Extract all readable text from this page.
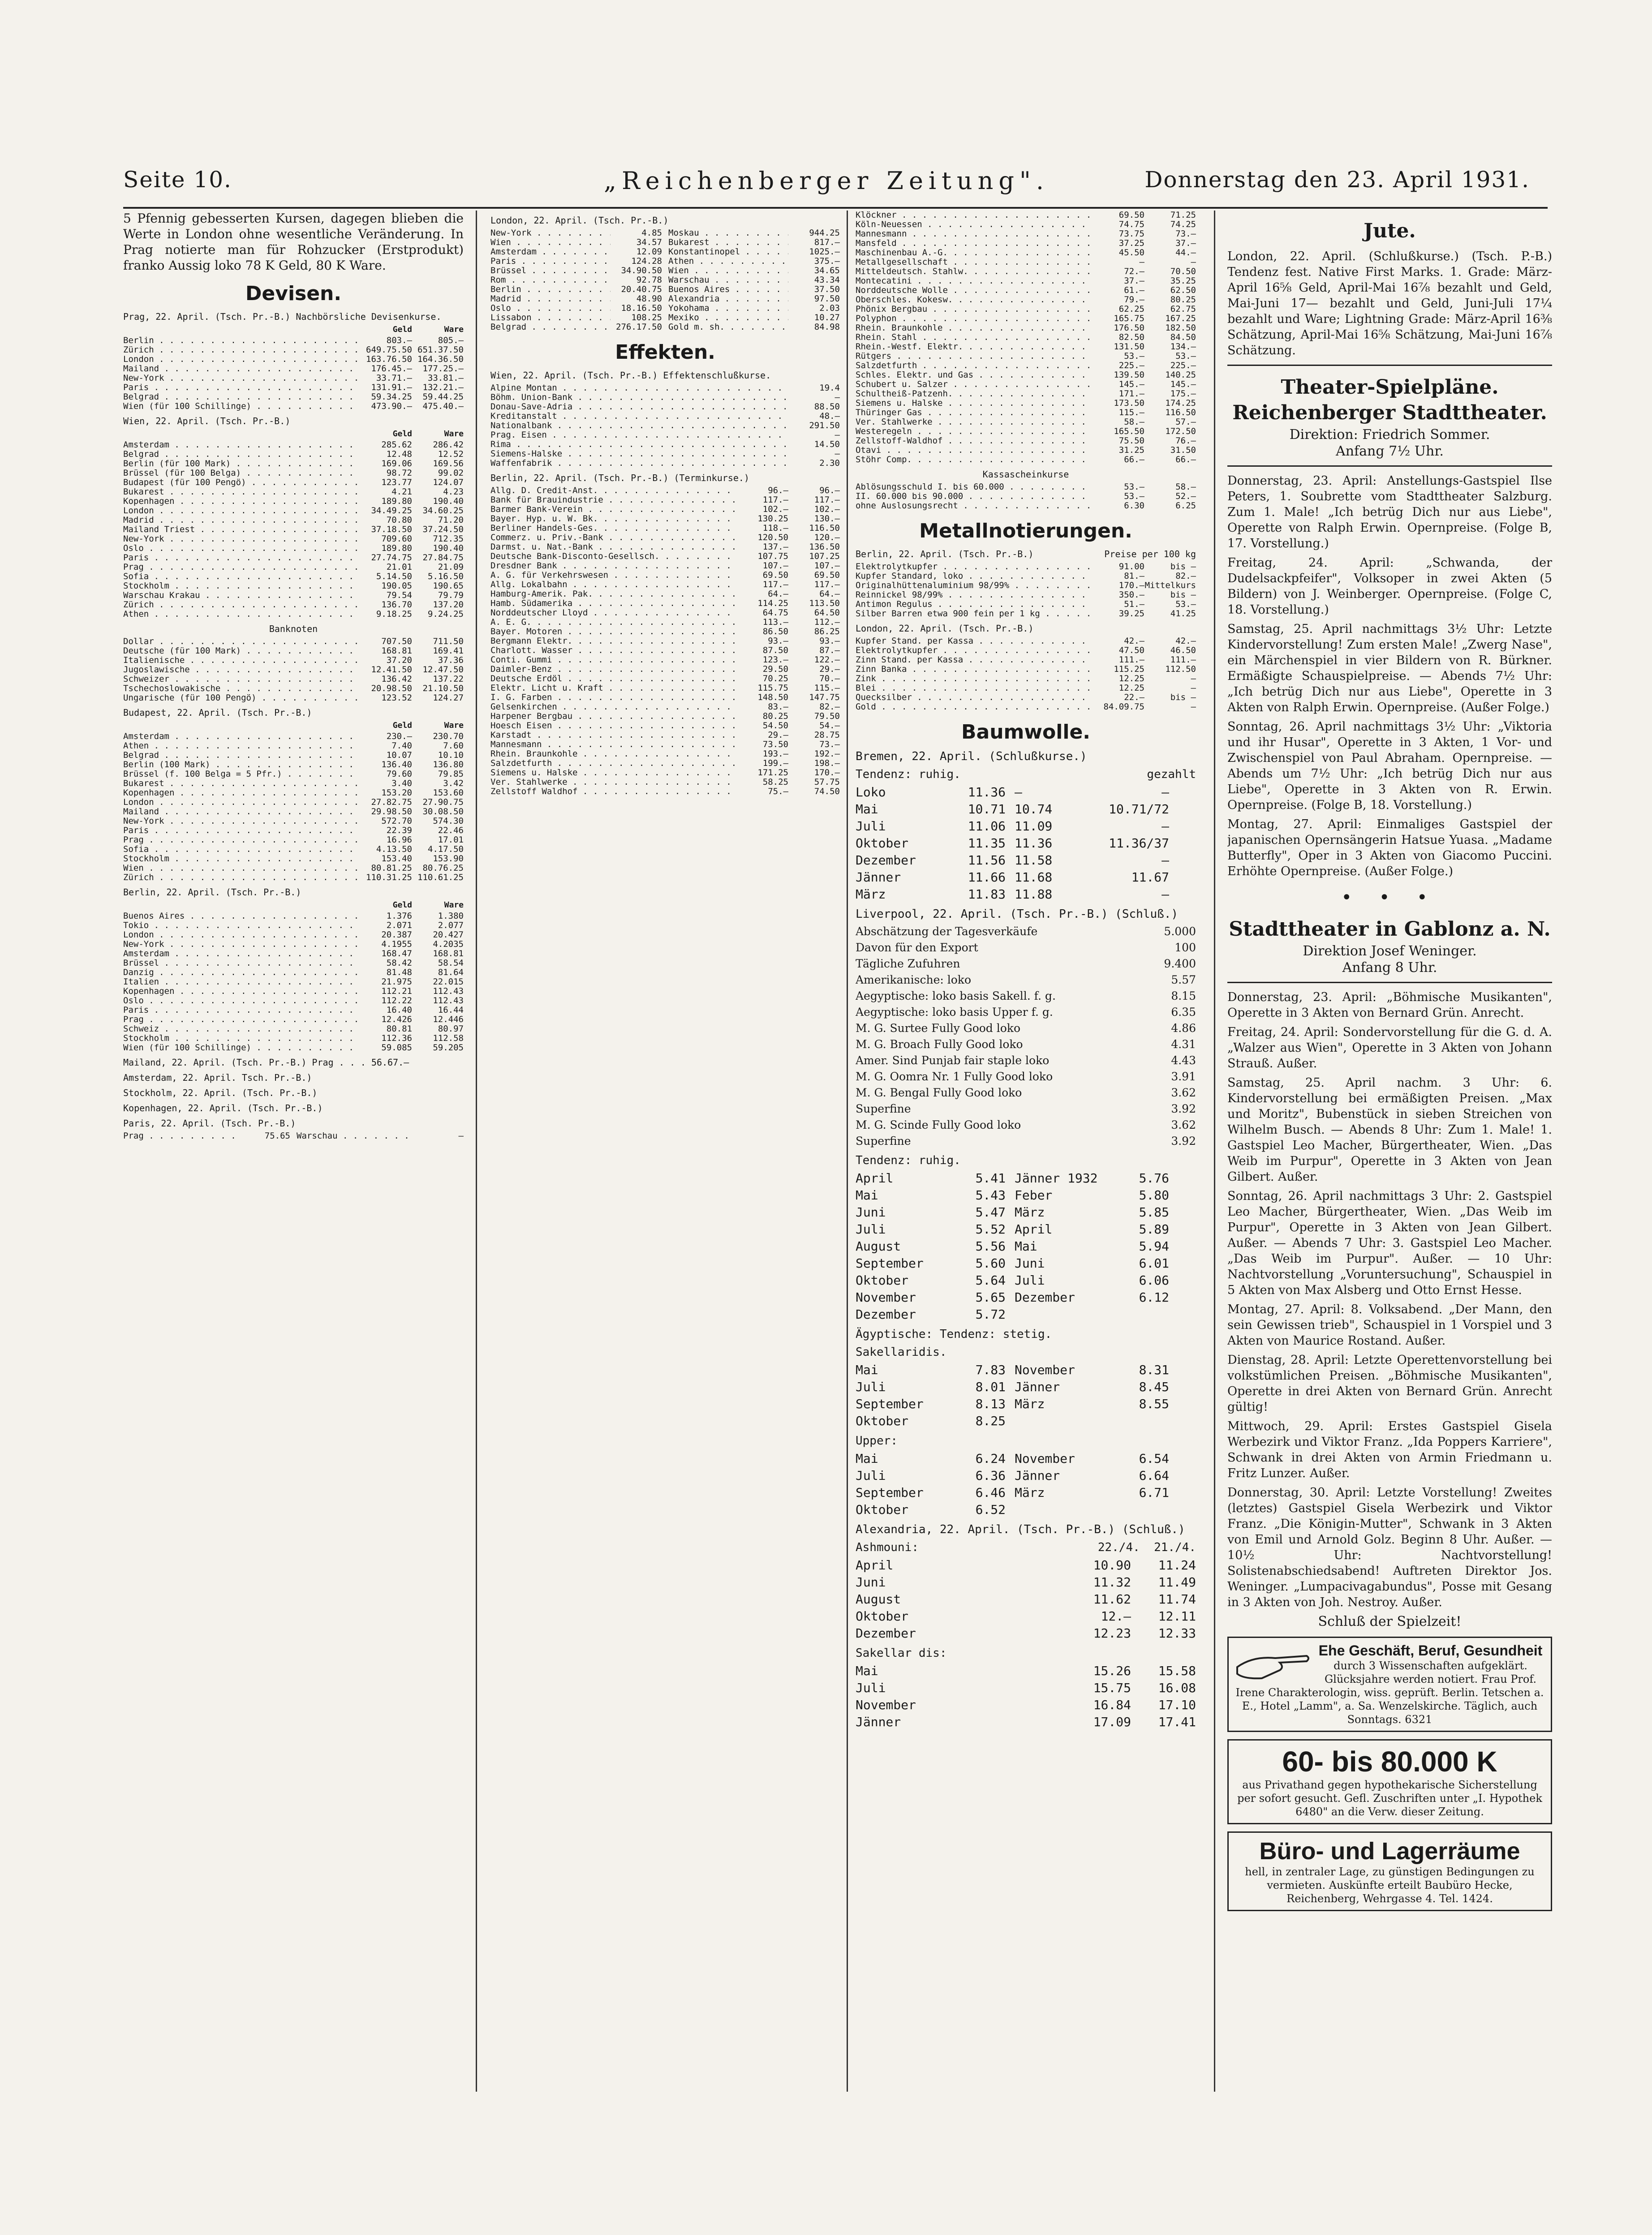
Seite 10.	„Reichenberger Zeitung".	Donnerstag den 23. April 1931.
5 Pfennig gebesserten Kursen, dagegen blieben die Werte in London ohne wesentliche Veränderung. In Prag notierte man für Rohzucker (Erstprodukt) franko Aussig loko 78 K Geld, 80 K Ware.
Devisen.
Prag, 22. April. (Tsch. Pr.-B.) Nachbörsliche Devisenkurse.
Geld	Ware
Berlin . . .	803.—	805.—
Zürich . . .	649.75.50 651.37.50
London . . .	163.76.50 164.36.50
Mailand . . .	176.45.—	177.25.—
New-York . . .	33.71.—	33.81.—
Paris . . .	131.91.—	132.21.—
Belgrad . . .	59.34.25	59.44.25
Wien (für 100 Schillinge) . . .	473.90.—	475.40.—
Wien, 22. April. (Tsch. Pr.-B.)
Geld	Ware
Amsterdam . . .	285.62	286.42
Belgrad . . .	12.48	12.52
Berlin (für 100 Mark) . . .	169.06	169.56
Brüssel (für 100 Belga) . . .	98.72	99.02
Budapest (für 100 Pengö) . . .	123.77	124.07
Bukarest . . .	4.21	4.23
Kopenhagen . . .	189.80	190.40
London . . .	34.49.25	34.60.25
Madrid . . .	70.80	71.20
Mailand Triest . . .	37.18.50	37.24.50
New-York . . .	709.60	712.35
Oslo . . .	189.80	190.40
Paris . . .	27.74.75	27.84.75
Prag . . .	21.01	21.09
Sofia . . .	5.14.50	5.16.50
Stockholm . . .	190.05	190.65
Warschau Krakau . . .	79.54	79.79
Zürich . . .	136.70	137.20
Athen . . .	9.18.25	9.24.25
Banknoten
Dollar . . .	707.50	711.50
Deutsche (für 100 Mark) . . .	168.81	169.41
Italienische . . .	37.20	37.36
Jugoslawische . . .	12.41.50	12.47.50
Schweizer . . .	136.42	137.22
Tschechoslowakische . . .	20.98.50	21.10.50
Ungarische (für 100 Pengö) . . .	123.52	124.27
Budapest, 22. April. (Tsch. Pr.-B.)
Geld	Ware
Amsterdam . . .	230.—	230.70
Athen . . .	7.40	7.60
Belgrad . . .	10.07	10.10
Berlin (100 Mark) . . .	136.40	136.80
Brüssel (f. 100 Belga = 5 Pfr.) . . .	79.60	79.85
Bukarest . . .	3.40	3.42
Kopenhagen . . .	153.20	153.60
London . . .	27.82.75	27.90.75
Mailand . . .	29.98.50	30.08.50
New-York . . .	572.70	574.30
Paris . . .	22.39	22.46
Prag . . .	16.96	17.01
Sofia . . .	4.13.50	4.17.50
Stockholm . . .	153.40	153.90
Wien . . .	80.81.25	80.76.25
Zürich . . .	110.31.25 110.61.25
Berlin, 22. April. (Tsch. Pr.-B.)
Geld	Ware
Buenos Aires . . .	1.376	1.380
Tokio . . .	2.071	2.077
London . . .	20.387	20.427
New-York . . .	4.1955	4.2035
Amsterdam . . .	168.47	168.81
Brüssel . . .	58.42	58.54
Danzig . . .	81.48	81.64
Italien . . .	21.975	22.015
Kopenhagen . . .	112.21	112.43
Oslo . . .	112.22	112.43
Paris . . .	16.40	16.44
Prag . . .	12.426	12.446
Schweiz . . .	80.81	80.97
Stockholm . . .	112.36	112.58
Wien (für 100 Schillinge) . . .	59.085	59.205
Mailand, 22. April. (Tsch. Pr.-B.) Prag . . . 56.67.—
Amsterdam, 22. April. Tsch. Pr.-B.)
Stockholm, 22. April. (Tsch. Pr.-B.)
Kopenhagen, 22. April. (Tsch. Pr.-B.)
Paris, 22. April. (Tsch. Pr.-B.)
Prag . . .	75.65 Warschau . . .	—
London, 22. April. (Tsch. Pr.-B.)
New-York . . .	4.85 Moskau . . .	944.25
Wien . . .	34.57 Bukarest . . .	817.—
Amsterdam . . .	12.09 Konstantinopel . . .	1025.—
Paris . . .	124.28 Athen . . .	375.—
Brüssel . . .	34.90.50 Wien . . .	34.65
Rom . . .	92.78 Warschau . . .	43.34
Berlin . . .	20.40.75 Buenos Aires . . .	37.50
Madrid . . .	48.90 Alexandria . . .	97.50
Oslo . . .	18.16.50 Yokohama . . .	2.03
Lissabon . . .	108.25 Mexiko . . .	10.27
Belgrad . . .	276.17.50 Gold m. sh. . . .	84.98
Effekten.
Wien, 22. April. (Tsch. Pr.-B.) Effektenschlußkurse.
Alpine Montan . . .	19.4
Böhm. Union-Bank . . .	—
Donau-Save-Adria . . .	88.50
Kreditanstalt . . .	48.—
Nationalbank . . .	291.50
Prag. Eisen . . .	—
Rima . . .	14.50
Siemens-Halske . . .	—
Waffenfabrik . . .	2.30
Berlin, 22. April. (Tsch. Pr.-B.) (Terminkurse.)
Allg. D. Credit-Anst. . . .	96.—	96.—
Bank für Brauindustrie . . .	117.—	117.—
Barmer Bank-Verein . . .	102.—	102.—
Bayer. Hyp. u. W. Bk. . . .	130.25	130.—
Berliner Handels-Ges. . . .	118.—	116.50
Commerz. u. Priv.-Bank . . .	120.50	120.—
Darmst. u. Nat.-Bank . . .	137.—	136.50
Deutsche Bank-Disconto-Gesellsch. . . .	107.75	107.25
Dresdner Bank . . .	107.—	107.—
A. G. für Verkehrswesen . . .	69.50	69.50
Allg. Lokalbahn . . .	117.—	117.—
Hamburg-Amerik. Pak. . . .	64.—	64.—
Hamb. Südamerika . . .	114.25	113.50
Norddeutscher Lloyd . . .	64.75	64.50
A. E. G. . . .	113.—	112.—
Bayer. Motoren . . .	86.50	86.25
Bergmann Elektr. . . .	93.—	93.—
Charlott. Wasser . . .	87.50	87.—
Conti. Gummi . . .	123.—	122.—
Daimler-Benz . . .	29.50	29.—
Deutsche Erdöl . . .	70.25	70.—
Elektr. Licht u. Kraft . . .	115.75	115.—
I. G. Farben . . .	148.50	147.75
Gelsenkirchen . . .	83.—	82.—
Harpener Bergbau . . .	80.25	79.50
Hoesch Eisen . . .	54.50	54.—
Karstadt . . .	29.—	28.75
Mannesmann . . .	73.50	73.—
Rhein. Braunkohle . . .	193.—	192.—
Salzdetfurth . . .	199.—	198.—
Siemens u. Halske . . .	171.25	170.—
Ver. Stahlwerke . . .	58.25	57.75
Zellstoff Waldhof . . .	75.—	74.50
Klöckner . . .	69.50	71.25
Köln-Neuessen . . .	74.75	74.25
Mannesmann . . .	73.75	73.—
Mansfeld . . .	37.25	37.—
Maschinenbau A.-G. . . .	45.50	44.—
Metallgesellschaft . . .	—	—
Mitteldeutsch. Stahlw. . . .	72.—	70.50
Montecatini . . .	37.—	35.25
Norddeutsche Wolle . . .	61.—	62.50
Oberschles. Kokesw. . . .	79.—	80.25
Phönix Bergbau . . .	62.25	62.75
Polyphon . . .	165.75	167.25
Rhein. Braunkohle . . .	176.50	182.50
Rhein. Stahl . . .	82.50	84.50
Rhein.-Westf. Elektr. . . .	131.50	134.—
Rütgers . . .	53.—	53.—
Salzdetfurth . . .	225.—	225.—
Schles. Elektr. und Gas . . .	139.50	140.25
Schubert u. Salzer . . .	145.—	145.—
Schultheiß-Patzenh. . . .	171.—	175.—
Siemens u. Halske . . .	173.50	174.25
Thüringer Gas . . .	115.—	116.50
Ver. Stahlwerke . . .	58.—	57.—
Westeregeln . . .	165.50	172.50
Zellstoff-Waldhof . . .	75.50	76.—
Otavi . . .	31.25	31.50
Stöhr Comp. . . .	66.—	66.—
Kassascheinkurse
Ablösungsschuld I. bis 60.000 . . .	53.—	58.—
II. 60.000 bis 90.000 . . .	53.—	52.—
ohne Auslosungsrecht . . .	6.30	6.25
Metallnotierungen.
Berlin, 22. April. (Tsch. Pr.-B.)	Preise per 100 kg
Elektrolytkupfer . . .	91.00	bis —
Kupfer Standard, loko . . .	81.—	82.—
Originalhüttenaluminium 98/99% . . .	170.— Mittelkurs
Reinnickel 98/99% . . .	350.—	bis —
Antimon Regulus . . .	51.—	53.—
Silber Barren etwa 900 fein per 1 kg . . .	39.25	41.25
London, 22. April. (Tsch. Pr.-B.)
Kupfer Stand. per Kassa . . .	42.—	42.—
Elektrolytkupfer . . .	47.50	46.50
Zinn Stand. per Kassa . . .	111.—	111.—
Zinn Banka . . .	115.25	112.50
Zink . . .	12.25	—
Blei . . .	12.25	—
Quecksilber . . .	22.—	bis —
Gold . . .	84.09.75	—
Baumwolle.
Bremen, 22. April. (Schlußkurse.)
Tendenz: ruhig.	gezahlt
Loko	11.36 —	—
Mai	10.71 10.74	10.71/72
Juli	11.06 11.09	—
Oktober	11.35 11.36	11.36/37
Dezember	11.56 11.58	—
Jänner	11.66 11.68	11.67
März	11.83 11.88	—
Liverpool, 22. April. (Tsch. Pr.-B.) (Schluß.)
Abschätzung der Tagesverkäufe	5.000
Davon für den Export	100
Tägliche Zufuhren	9.400
Amerikanische: loko	5.57
Aegyptische: loko basis Sakell. f. g.	8.15
Aegyptische: loko basis Upper f. g.	6.35
M. G. Surtee Fully Good loko	4.86
M. G. Broach Fully Good loko	4.31
Amer. Sind Punjab fair staple loko	4.43
M. G. Oomra Nr. 1 Fully Good loko	3.91
M. G. Bengal Fully Good loko	3.62
Superfine	3.92
M. G. Scinde Fully Good loko	3.62
Superfine	3.92
Tendenz: ruhig.
April	5.41 Jänner 1932	5.76
Mai	5.43 Feber	5.80
Juni	5.47 März	5.85
Juli	5.52 April	5.89
August	5.56 Mai	5.94
September	5.60 Juni	6.01
Oktober	5.64 Juli	6.06
November	5.65 Dezember	6.12
Dezember	5.72
Ägyptische: Tendenz: stetig.
Sakellaridis.
Mai	7.83 November	8.31
Juli	8.01 Jänner	8.45
September	8.13 März	8.55
Oktober	8.25
Upper:
Mai	6.24 November	6.54
Juli	6.36 Jänner	6.64
September	6.46 März	6.71
Oktober	6.52
Alexandria, 22. April. (Tsch. Pr.-B.) (Schluß.)
Ashmouni:	22./4. 21./4.
April	10.90	11.24
Juni	11.32	11.49
August	11.62	11.74
Oktober	12.—	12.11
Dezember	12.23	12.33
Sakellar dis:
Mai	15.26	15.58
Juli	15.75	16.08
November	16.84	17.10
Jänner	17.09	17.41
Jute.

London, 22. April. (Schlußkurse.) (Tsch. P.-B.) Tendenz fest. Native First Marks. 1. Grade: März-April 16⅝ Geld, April-Mai 16⅞ bezahlt und Geld, Mai-Juni 17— bezahlt und Geld, Juni-Juli 17¼ bezahlt und Ware; Lightning Grade: März-April 16⅜ Schätzung, April-Mai 16⅝ Schätzung, Mai-Juni 16⅞ Schätzung.

Theater-Spielpläne.
Reichenberger Stadttheater.
Direktion: Friedrich Sommer.
Anfang 7½ Uhr.

Donnerstag, 23. April: Anstellungs-Gastspiel Ilse Peters, 1. Soubrette vom Stadttheater Salzburg. Zum 1. Male! „Ich betrüg Dich nur aus Liebe", Operette von Ralph Erwin. Opernpreise. (Folge B, 17. Vorstellung.)

Freitag, 24. April: „Schwanda, der Dudelsackpfeifer", Volksoper in zwei Akten (5 Bildern) von J. Weinberger. Opernpreise. (Folge C, 18. Vorstellung.)

Samstag, 25. April nachmittags 3½ Uhr: Letzte Kindervorstellung! Zum ersten Male! „Zwerg Nase", ein Märchenspiel in vier Bildern von R. Bürkner. Ermäßigte Schauspielpreise. — Abends 7½ Uhr: „Ich betrüg Dich nur aus Liebe", Operette in 3 Akten von Ralph Erwin. Opernpreise. (Außer Folge.)

Sonntag, 26. April nachmittags 3½ Uhr: „Viktoria und ihr Husar", Operette in 3 Akten, 1 Vor- und Zwischenspiel von Paul Abraham. Opernpreise. — Abends um 7½ Uhr: „Ich betrüg Dich nur aus Liebe", Operette in 3 Akten von R. Erwin. Opernpreise. (Folge B, 18. Vorstellung.)

Montag, 27. April: Einmaliges Gastspiel der japanischen Opernsängerin Hatsue Yuasa. „Madame Butterfly", Oper in 3 Akten von Giacomo Puccini. Erhöhte Opernpreise. (Außer Folge.)

• • •
Stadttheater in Gablonz a. N.
Direktion Josef Weninger.
Anfang 8 Uhr.

Donnerstag, 23. April: „Böhmische Musikanten", Operette in 3 Akten von Bernard Grün. Anrecht.

Freitag, 24. April: Sondervorstellung für die G. d. A. „Walzer aus Wien", Operette in 3 Akten von Johann Strauß. Außer.

Samstag, 25. April nachm. 3 Uhr: 6. Kindervorstellung bei ermäßigten Preisen. „Max und Moritz", Bubenstück in sieben Streichen von Wilhelm Busch. — Abends 8 Uhr: Zum 1. Male! 1. Gastspiel Leo Macher, Bürgertheater, Wien. „Das Weib im Purpur", Operette in 3 Akten von Jean Gilbert. Außer.

Sonntag, 26. April nachmittags 3 Uhr: 2. Gastspiel Leo Macher, Bürgertheater, Wien. „Das Weib im Purpur", Operette in 3 Akten von Jean Gilbert. Außer. — Abends 7 Uhr: 3. Gastspiel Leo Macher. „Das Weib im Purpur". Außer. — 10 Uhr: Nachtvorstellung „Voruntersuchung", Schauspiel in 5 Akten von Max Alsberg und Otto Ernst Hesse.

Montag, 27. April: 8. Volksabend. „Der Mann, den sein Gewissen trieb", Schauspiel in 1 Vorspiel und 3 Akten von Maurice Rostand. Außer.

Dienstag, 28. April: Letzte Operettenvorstellung bei volkstümlichen Preisen. „Böhmische Musikanten", Operette in drei Akten von Bernard Grün. Anrecht gültig!

Mittwoch, 29. April: Erstes Gastspiel Gisela Werbezirk und Viktor Franz. „Ida Poppers Karriere", Schwank in drei Akten von Armin Friedmann u. Fritz Lunzer. Außer.

Donnerstag, 30. April: Letzte Vorstellung! Zweites (letztes) Gastspiel Gisela Werbezirk und Viktor Franz. „Die Königin-Mutter", Schwank in 3 Akten von Emil und Arnold Golz. Beginn 8 Uhr. Außer. — 10½ Uhr: Nachtvorstellung! Solistenabschiedsabend! Auftreten Direktor Jos. Weninger. „Lumpacivagabundus", Posse mit Gesang in 3 Akten von Joh. Nestroy. Außer.

Schluß der Spielzeit!
Ehe Geschäft, Beruf, Gesundheit
durch 3 Wissenschaften aufgeklärt. Glücksjahre werden notiert. Frau Prof. Irene Charakterologin, wiss. geprüft. Berlin. Tetschen a. E., Hotel „Lamm", a. Sa. Wenzelskirche. Täglich, auch Sonntags. 6321
60- bis 80.000 K
aus Privathand gegen hypothekarische Sicherstellung per sofort gesucht. Gefl. Zuschriften unter „I. Hypothek 6480" an die Verw. dieser Zeitung.
Büro- und Lagerräume
hell, in zentraler Lage, zu günstigen Bedingungen zu vermieten. Auskünfte erteilt Baubüro Hecke, Reichenberg, Wehrgasse 4. Tel. 1424.
